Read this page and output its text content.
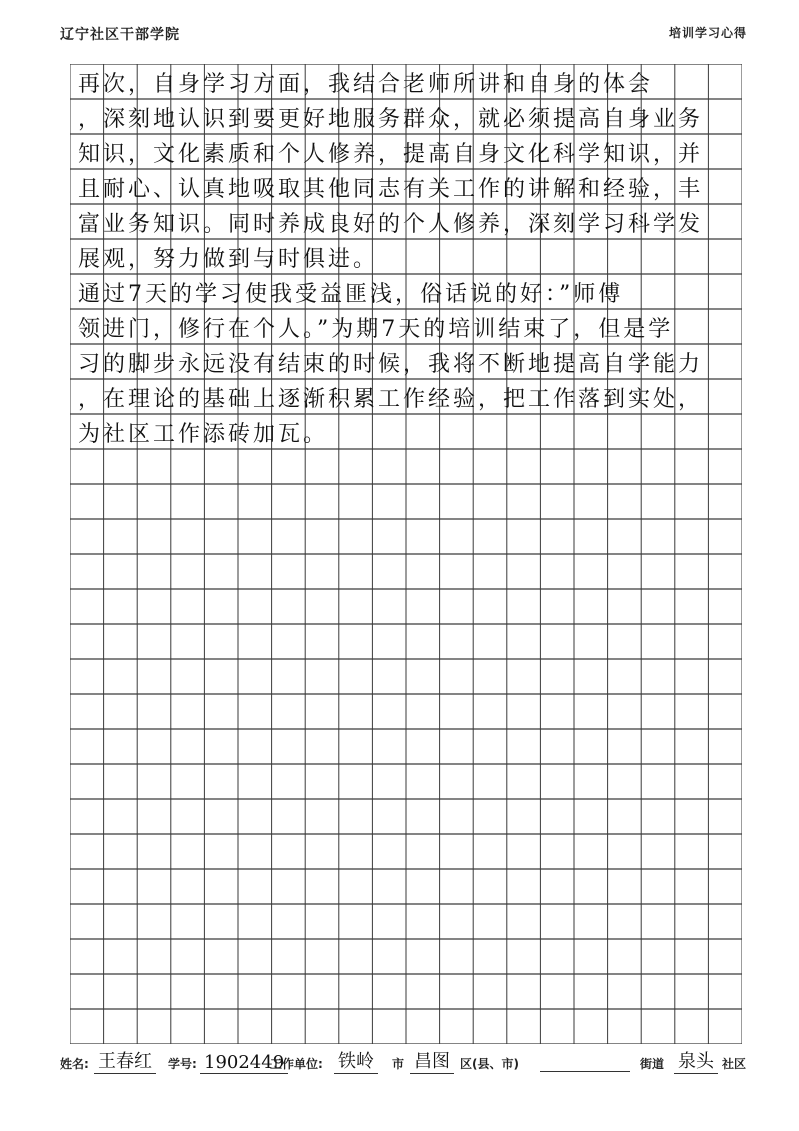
辽宁社区干部学院	培训学习心得
再次，自身学习方面，我结合老师所讲和自身的体会
，深刻地认识到要更好地服务群众，就必须提高自身业务
知识，文化素质和个人修养，提高自身文化科学知识，并
且耐心、认真地吸取其他同志有关工作的讲解和经验，丰
富业务知识。同时养成良好的个人修养，深刻学习科学发
展观，努力做到与时俱进。
通过7天的学习使我受益匪浅，俗话说的好：”师傅
领进门，修行在个人。”为期7天的培训结束了，但是学
习的脚步永远没有结束的时候，我将不断地提高自学能力
，在理论的基础上逐渐积累工作经验，把工作落到实处，
为社区工作添砖加瓦。
姓名: 王春红	学号: 1902449
工作单位: 铁岭	市 昌图 区(县、市)	街道 泉头 社区
